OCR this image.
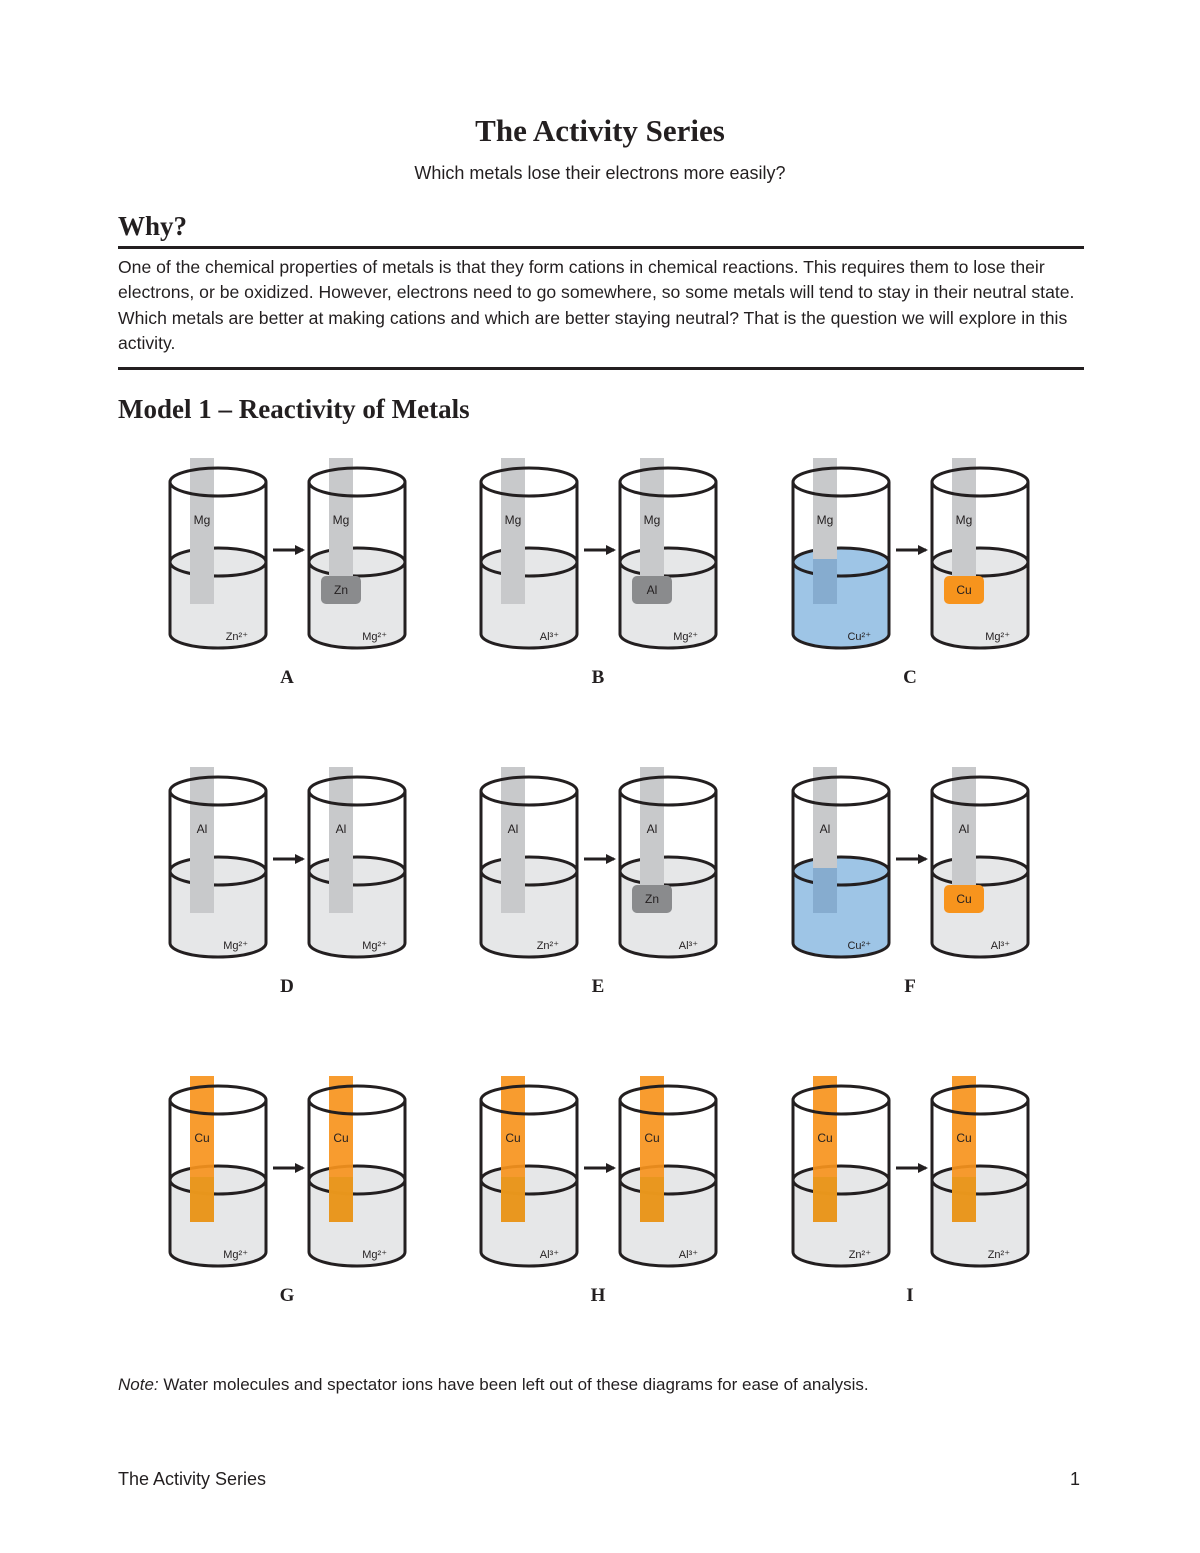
The Activity Series

Which metals lose their electrons more easily?

Why?

One of the chemical properties of metals is that they form cations in chemical reactions. This requires them to lose their electrons, or be oxidized. However, electrons need to go somewhere, so some metals will tend to stay in their neutral state. Which metals are better at making cations and which are better staying neutral? That is the question we will explore in this activity.

Model 1 – Reactivity of Metals
Mg
Zn²⁺
Mg
Zn
Mg²⁺
A
Mg
Al³⁺
Mg
Al
Mg²⁺
B
Mg
Cu²⁺
Mg
Cu
Mg²⁺
C
Al
Mg²⁺
Al
Mg²⁺
D
Al
Zn²⁺
Al
Zn
Al³⁺
E
Al
Cu²⁺
Al
Cu
Al³⁺
F
Cu
Mg²⁺
Cu
Mg²⁺
G
Cu
Al³⁺
Cu
Al³⁺
H
Cu
Zn²⁺
Cu
Zn²⁺
I

Note: Water molecules and spectator ions have been left out of these diagrams for ease of analysis.

The Activity Series	1
